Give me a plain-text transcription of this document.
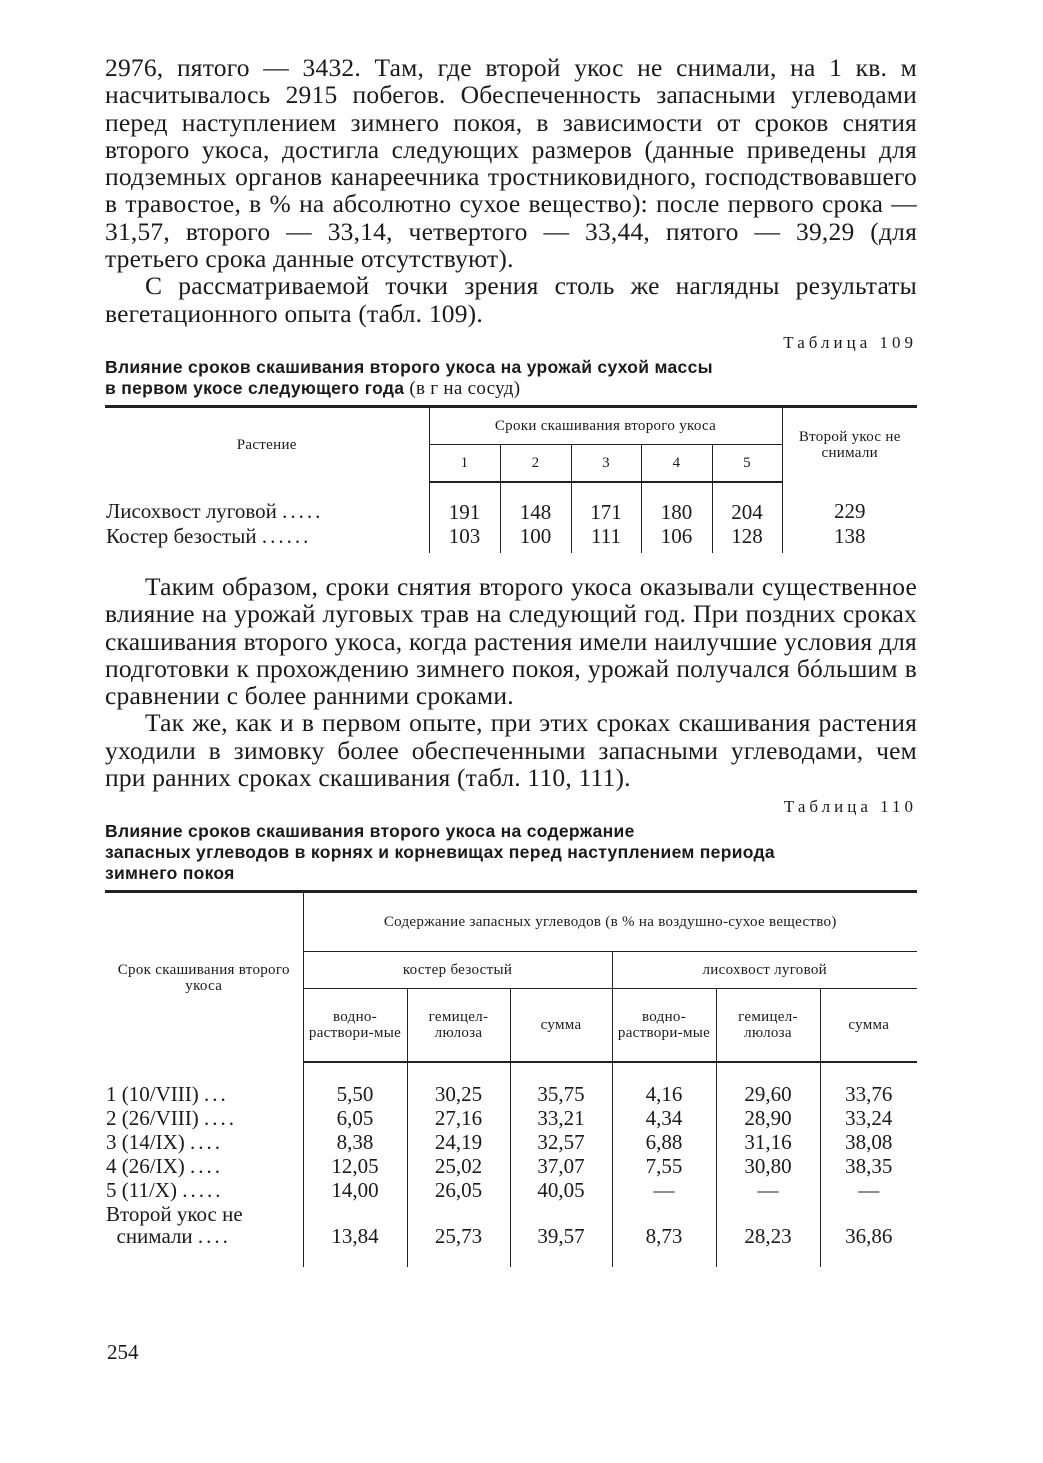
2976, пятого — 3432. Там, где второй укос не снимали, на 1 кв. м насчитывалось 2915 побегов. Обеспеченность запасными углеводами перед наступлением зимнего покоя, в зависимости от сроков снятия второго укоса, достигла следующих размеров (данные приведены для подземных органов канареечника тростниковидного, господствовавшего в травостое, в % на абсолютно сухое вещество): после первого срока — 31,57, второго — 33,14, четвертого — 33,44, пятого — 39,29 (для третьего срока данные отсутствуют).

С рассматриваемой точки зрения столь же наглядны результаты вегетационного опыта (табл. 109).

Таблица 109
Влияние сроков скашивания второго укоса на урожай сухой массы
в первом укосе следующего года (в г на сосуд)
Растение	Сроки скашивания второго укоса					Второй укос не снимали
	1	2	3	4	5	
Лисохвост луговой .....	191	148	171	180	204	229
Костер безостый ......	103	100	111	106	128	138

Таким образом, сроки снятия второго укоса оказывали существенное влияние на урожай луговых трав на следующий год. При поздних сроках скашивания второго укоса, когда растения имели наилучшие условия для подготовки к прохождению зимнего покоя, урожай получался бóльшим в сравнении с более ранними сроками.

Так же, как и в первом опыте, при этих сроках скашивания растения уходили в зимовку более обеспеченными запасными углеводами, чем при ранних сроках скашивания (табл. 110, 111).

Таблица 110
Влияние сроков скашивания второго укоса на содержание
запасных углеводов в корнях и корневищах перед наступлением периода
зимнего покоя
Срок скашивания второго укоса	Содержание запасных углеводов (в % на воздушно-сухое вещество)					
	костер безостый			лисохвост луговой		
	водно-раствори-мые	гемицел-люлоза	сумма	водно-раствори-мые	гемицел-люлоза	сумма
1 (10/VIII) ...	5,50	30,25	35,75	4,16	29,60	33,76
2 (26/VIII) ....	6,05	27,16	33,21	4,34	28,90	33,24
3 (14/IX) ....	8,38	24,19	32,57	6,88	31,16	38,08
4 (26/IX) ....	12,05	25,02	37,07	7,55	30,80	38,35
5 (11/X) .....	14,00	26,05	40,05	—	—	—
Второй укос не
снимали ....	13,84	25,73	39,57	8,73	28,23	36,86
254
